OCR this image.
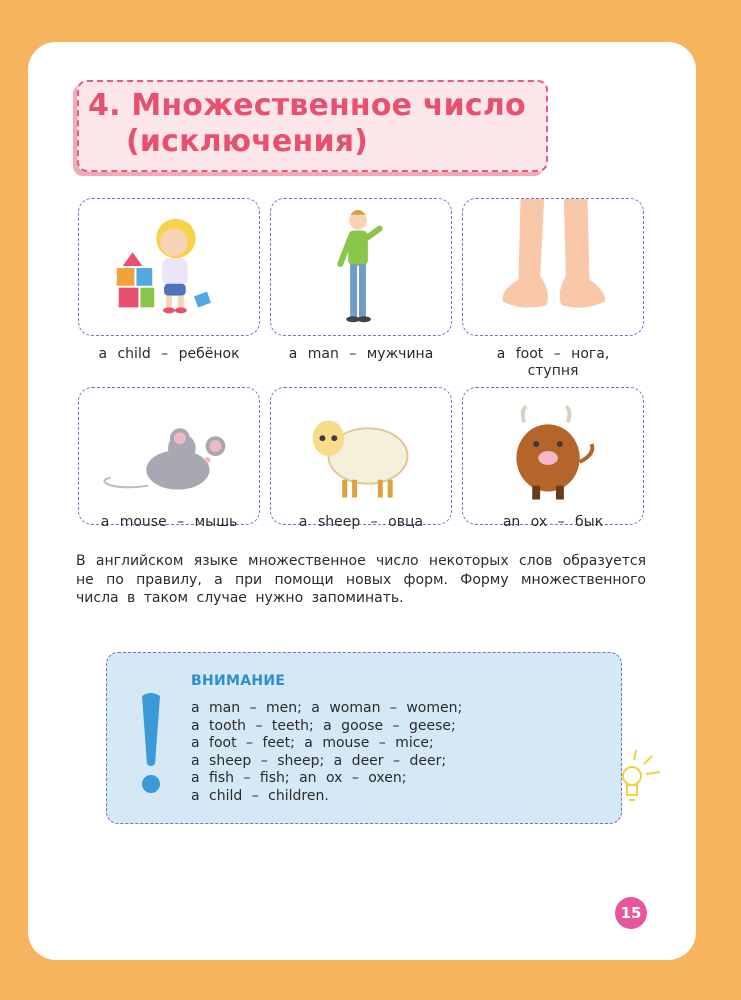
4. Множественное число
(исключения)
a child – ребёнок	a man – мужчина	a foot – нога,
ступня
a mouse – мышь	a sheep – овца	an ox – бык
В английском языке множественное число некоторых слов образуется не по правилу, а при помощи новых форм. Форму множественного числа в таком случае нужно запоминать.
ВНИМАНИЕ
a man – men; a woman – women;
a tooth – teeth; a goose – geese;
a foot – feet; a mouse – mice;
a sheep – sheep; a deer – deer;
a fish – fish; an ox – oxen;
a child – children.
15
